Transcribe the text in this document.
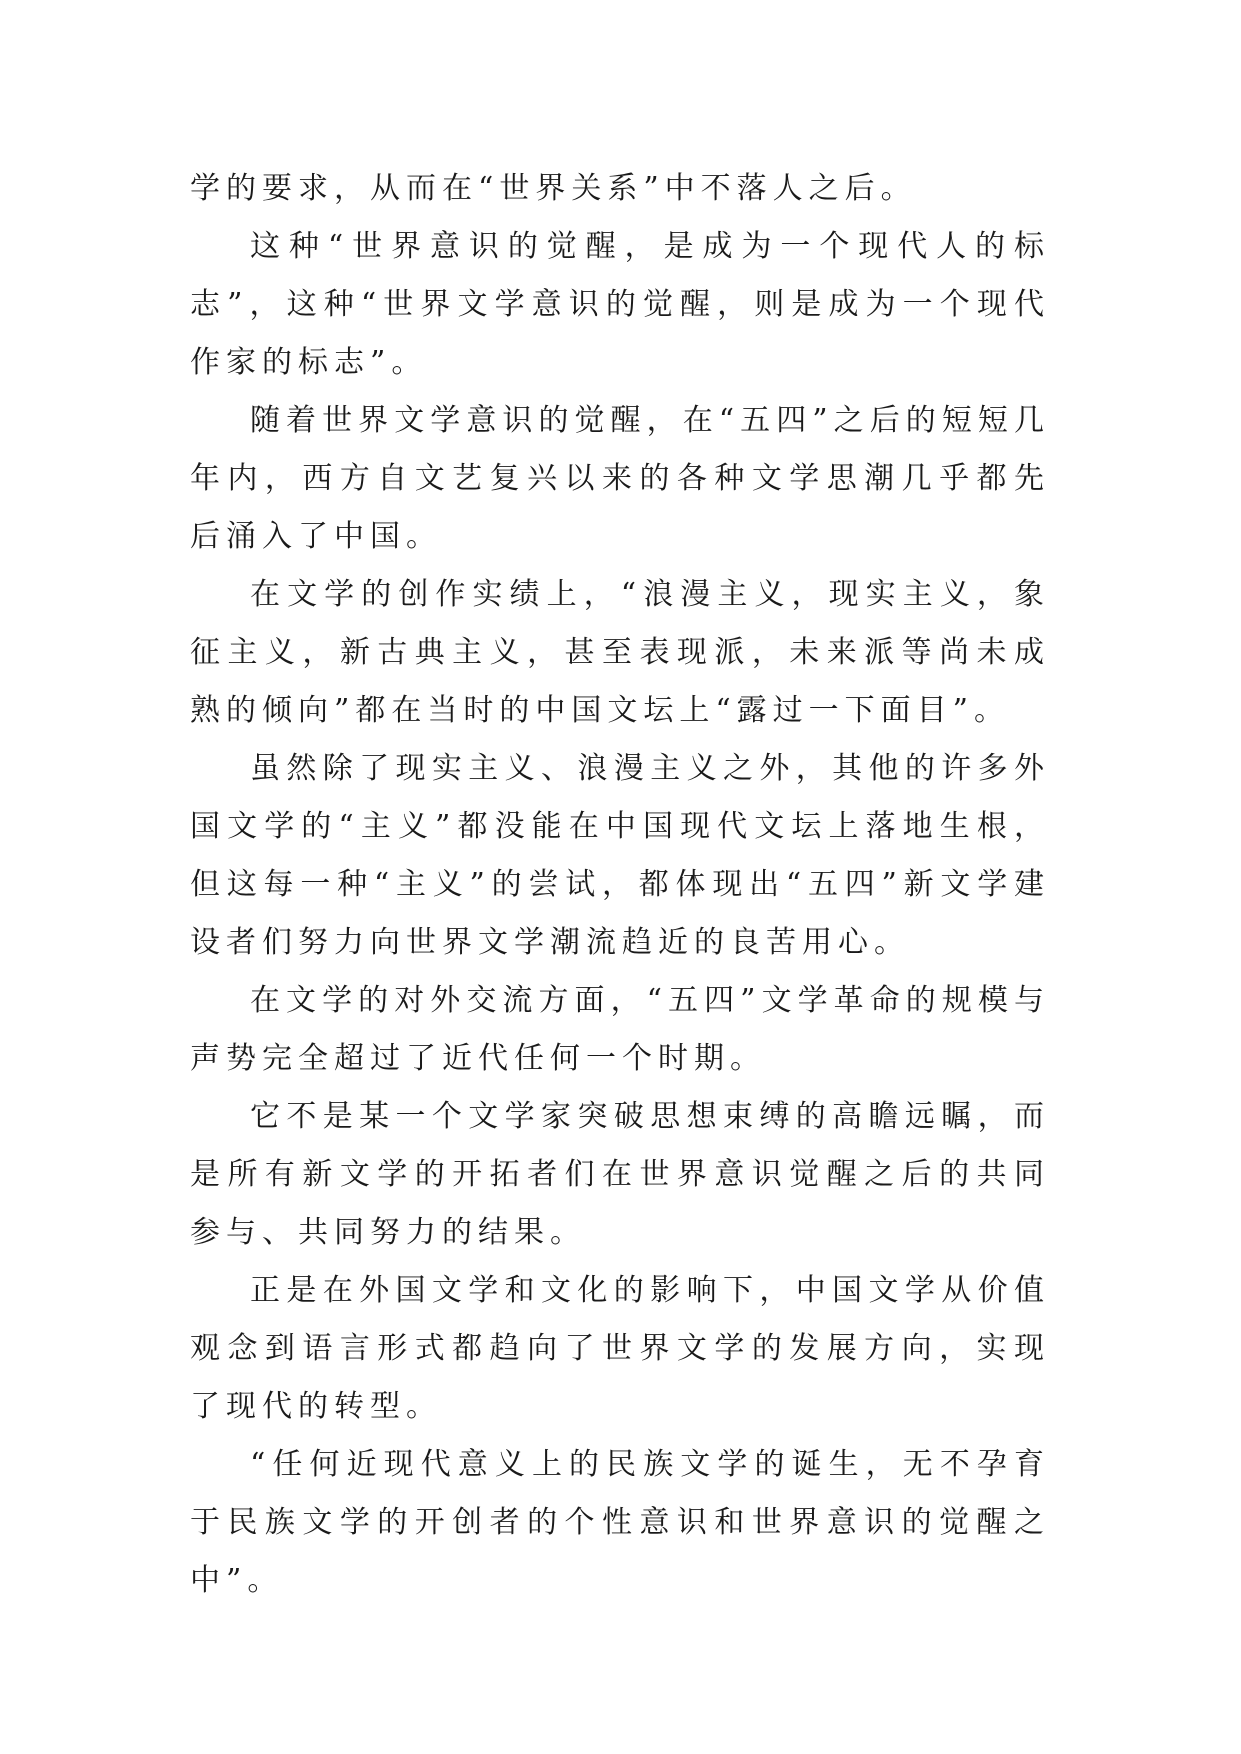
学的要求，从而在“世界关系”中不落人之后。

这种“世界意识的觉醒，是成为一个现代人的标志”，这种“世界文学意识的觉醒，则是成为一个现代作家的标志”。

随着世界文学意识的觉醒，在“五四”之后的短短几年内，西方自文艺复兴以来的各种文学思潮几乎都先后涌入了中国。

在文学的创作实绩上，“浪漫主义，现实主义，象征主义，新古典主义，甚至表现派，未来派等尚未成熟的倾向”都在当时的中国文坛上“露过一下面目”。

虽然除了现实主义、浪漫主义之外，其他的许多外国文学的“主义”都没能在中国现代文坛上落地生根，但这每一种“主义”的尝试，都体现出“五四”新文学建设者们努力向世界文学潮流趋近的良苦用心。

在文学的对外交流方面，“五四”文学革命的规模与声势完全超过了近代任何一个时期。

它不是某一个文学家突破思想束缚的高瞻远瞩，而是所有新文学的开拓者们在世界意识觉醒之后的共同参与、共同努力的结果。

正是在外国文学和文化的影响下，中国文学从价值观念到语言形式都趋向了世界文学的发展方向，实现了现代的转型。

“任何近现代意义上的民族文学的诞生，无不孕育于民族文学的开创者的个性意识和世界意识的觉醒之中”。
